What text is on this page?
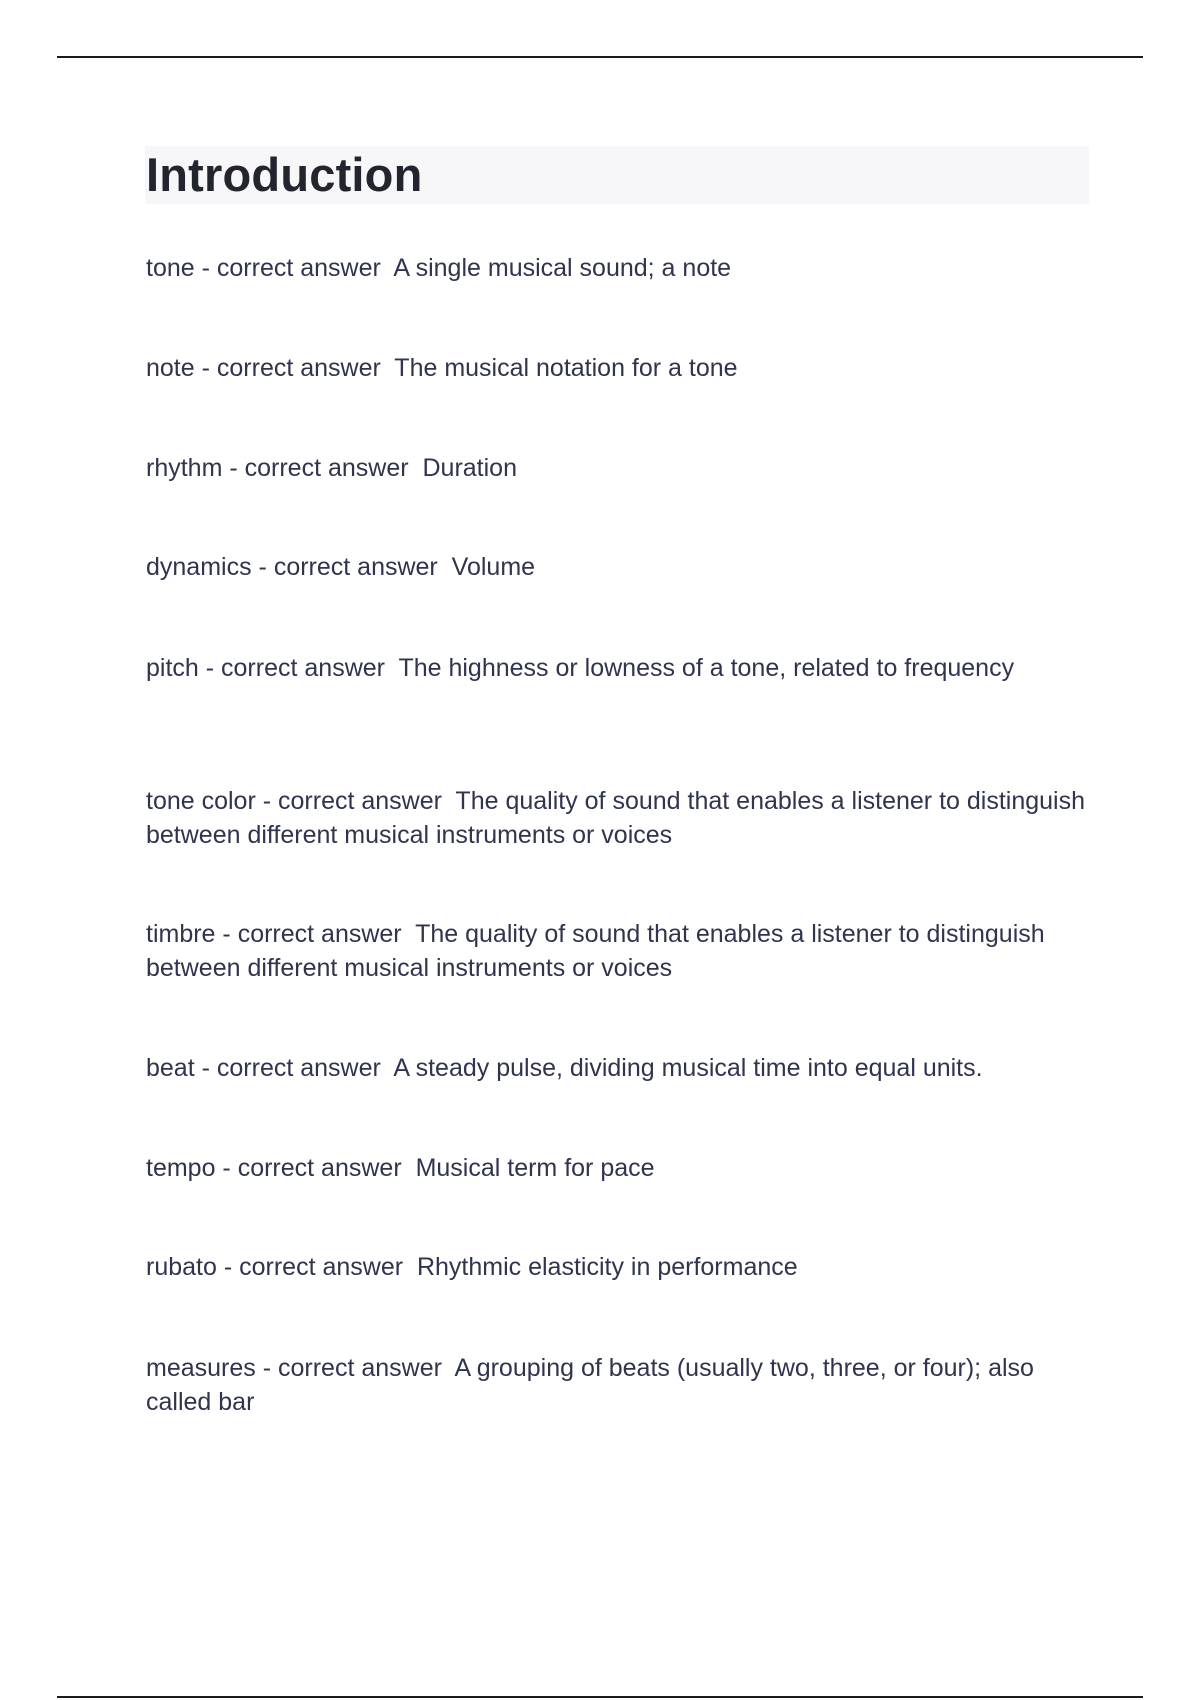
Introduction
tone - correct answer A single musical sound; a note
note - correct answer The musical notation for a tone
rhythm - correct answer Duration
dynamics - correct answer Volume
pitch - correct answer The highness or lowness of a tone, related to frequency
tone color - correct answer The quality of sound that enables a listener to distinguish between different musical instruments or voices
timbre - correct answer The quality of sound that enables a listener to distinguish between different musical instruments or voices
beat - correct answer A steady pulse, dividing musical time into equal units.
tempo - correct answer Musical term for pace
rubato - correct answer Rhythmic elasticity in performance
measures - correct answer A grouping of beats (usually two, three, or four); also called bar
